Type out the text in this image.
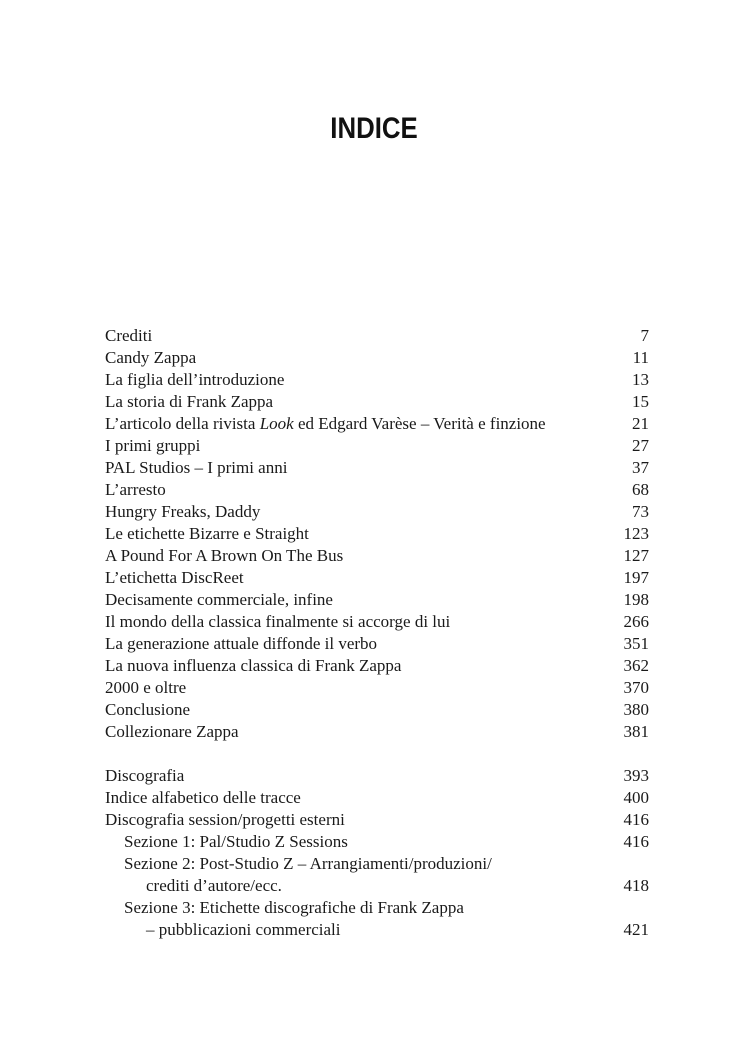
INDICE
Crediti	7
Candy Zappa	11
La figlia dell’introduzione	13
La storia di Frank Zappa	15
L’articolo della rivista Look ed Edgard Varèse – Verità e finzione	21
I primi gruppi	27
PAL Studios – I primi anni	37
L’arresto	68
Hungry Freaks, Daddy	73
Le etichette Bizarre e Straight	123
A Pound For A Brown On The Bus	127
L’etichetta DiscReet	197
Decisamente commerciale, infine	198
Il mondo della classica finalmente si accorge di lui	266
La generazione attuale diffonde il verbo	351
La nuova influenza classica di Frank Zappa	362
2000 e oltre	370
Conclusione	380
Collezionare Zappa	381
Discografia	393
Indice alfabetico delle tracce	400
Discografia session/progetti esterni	416
Sezione 1: Pal/Studio Z Sessions	416
Sezione 2: Post-Studio Z – Arrangiamenti/produzioni/
crediti d’autore/ecc.	418
Sezione 3: Etichette discografiche di Frank Zappa
– pubblicazioni commerciali	421
